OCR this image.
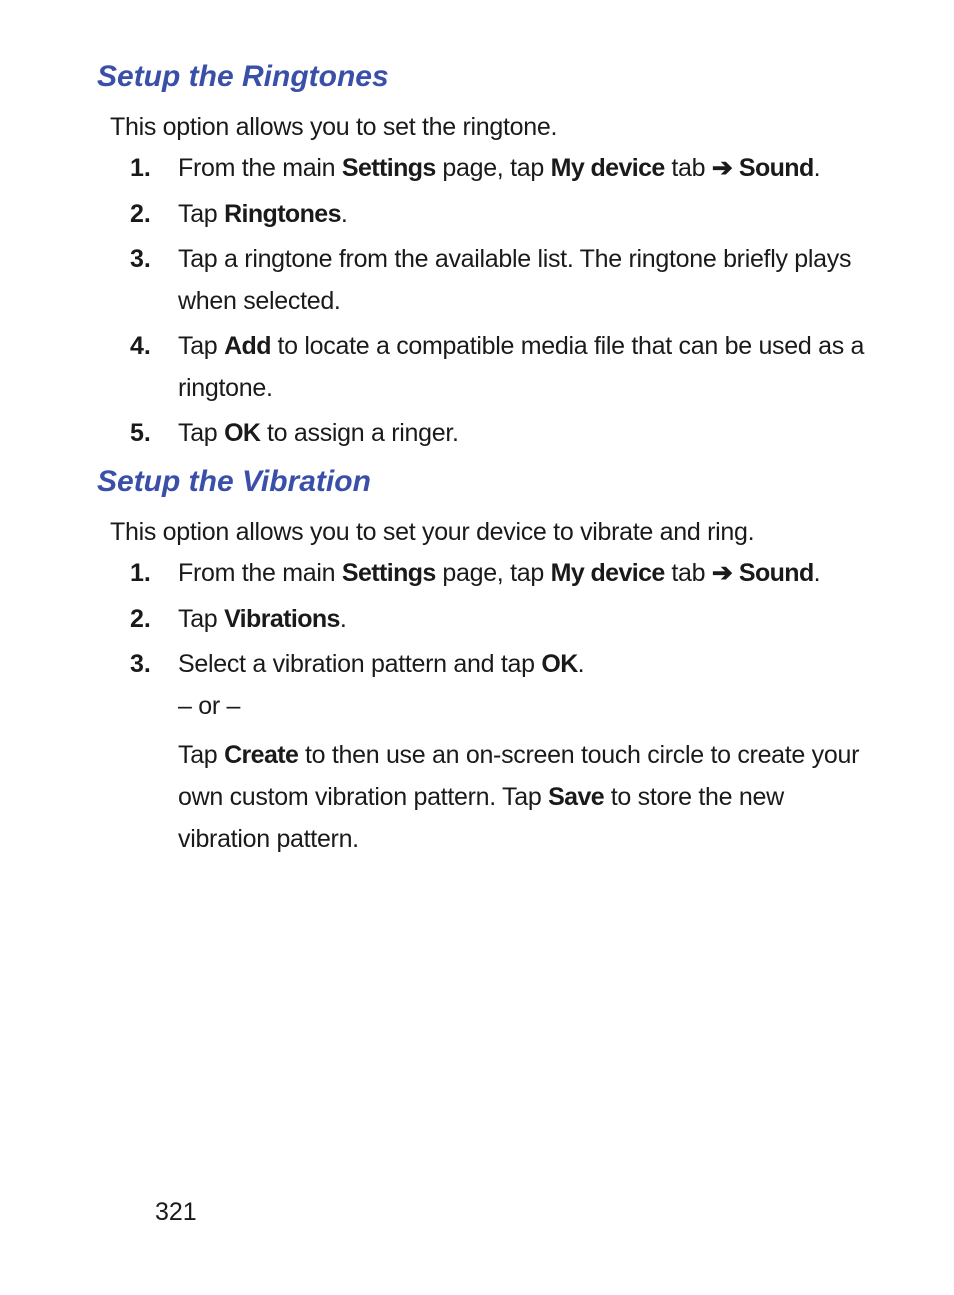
Setup the Ringtones

This option allows you to set the ringtone.

1. From the main Settings page, tap My device tab ➔ Sound.
2. Tap Ringtones.
3. Tap a ringtone from the available list. The ringtone briefly plays when selected.
4. Tap Add to locate a compatible media file that can be used as a ringtone.
5. Tap OK to assign a ringer.
Setup the Vibration

This option allows you to set your device to vibrate and ring.

1. From the main Settings page, tap My device tab ➔ Sound.
2. Tap Vibrations.
3. Select a vibration pattern and tap OK.
– or –
Tap Create to then use an on-screen touch circle to create your own custom vibration pattern. Tap Save to store the new vibration pattern.
321
